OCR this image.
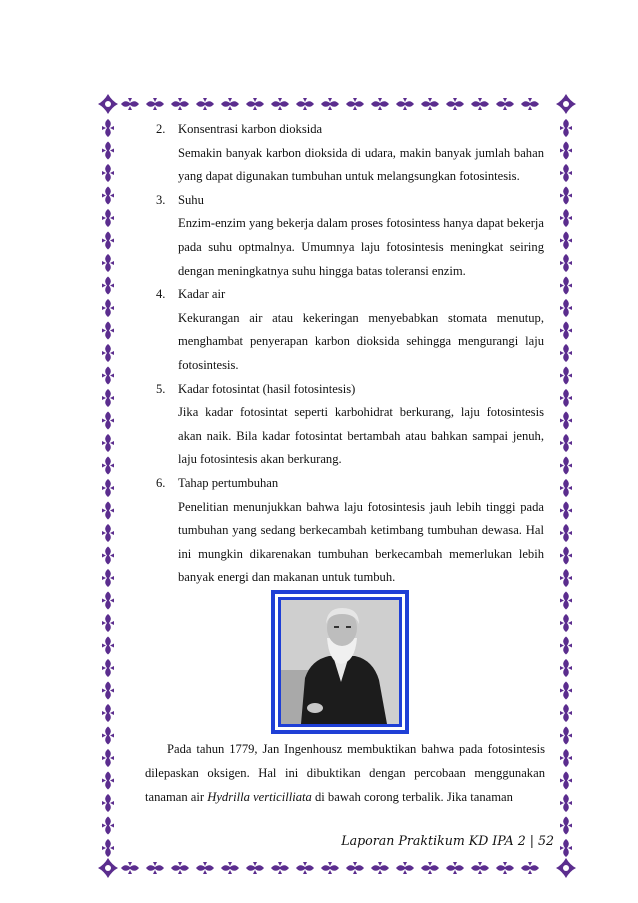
2. Konsentrasi karbon dioksida
Semakin banyak karbon dioksida di udara, makin banyak jumlah bahan yang dapat digunakan tumbuhan untuk melangsungkan fotosintesis.
3. Suhu
Enzim-enzim yang bekerja dalam proses fotosintess hanya dapat bekerja pada suhu optmalnya. Umumnya laju fotosintesis meningkat seiring dengan meningkatnya suhu hingga batas toleransi enzim.
4. Kadar air
Kekurangan air atau kekeringan menyebabkan stomata menutup, menghambat penyerapan karbon dioksida sehingga mengurangi laju fotosintesis.
5. Kadar fotosintat (hasil fotosintesis)
Jika kadar fotosintat seperti karbohidrat berkurang, laju fotosintesis akan naik. Bila kadar fotosintat bertambah atau bahkan sampai jenuh, laju fotosintesis akan berkurang.
6. Tahap pertumbuhan
Penelitian menunjukkan bahwa laju fotosintesis jauh lebih tinggi pada tumbuhan yang sedang berkecambah ketimbang tumbuhan dewasa. Hal ini mungkin dikarenakan tumbuhan berkecambah memerlukan lebih banyak energi dan makanan untuk tumbuh.
Pada tahun 1779, Jan Ingenhousz membuktikan bahwa pada fotosintesis dilepaskan oksigen. Hal ini dibuktikan dengan percobaan menggunakan tanaman air Hydrilla verticilliata di bawah corong terbalik. Jika tanaman
Laporan Praktikum KD IPA 2 | 52
